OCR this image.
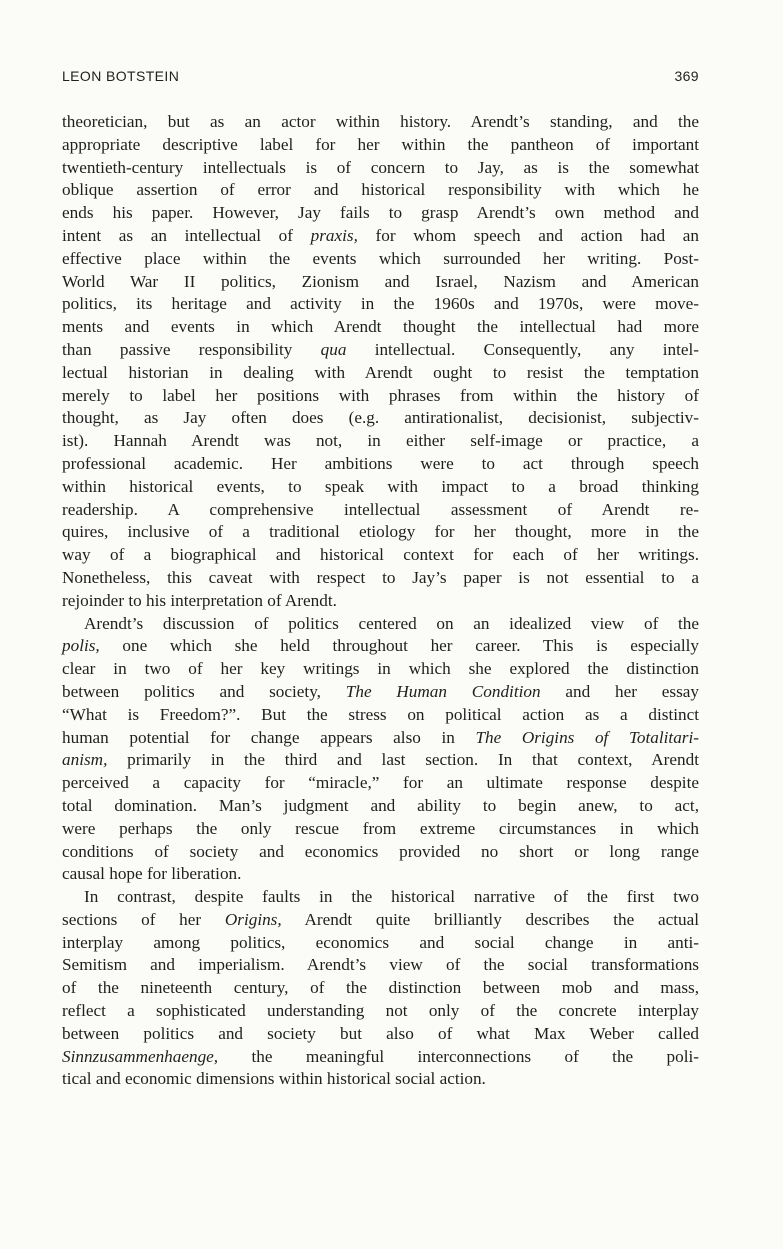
LEON BOTSTEIN	369
theoretician, but as an actor within history. Arendt’s standing, and the
appropriate descriptive label for her within the pantheon of important
twentieth-century intellectuals is of concern to Jay, as is the somewhat
oblique assertion of error and historical responsibility with which he
ends his paper. However, Jay fails to grasp Arendt’s own method and
intent as an intellectual of praxis, for whom speech and action had an
effective place within the events which surrounded her writing. Post-
World War II politics, Zionism and Israel, Nazism and American
politics, its heritage and activity in the 1960s and 1970s, were move-
ments and events in which Arendt thought the intellectual had more
than passive responsibility qua intellectual. Consequently, any intel-
lectual historian in dealing with Arendt ought to resist the temptation
merely to label her positions with phrases from within the history of
thought, as Jay often does (e.g. antirationalist, decisionist, subjectiv-
ist). Hannah Arendt was not, in either self-image or practice, a
professional academic. Her ambitions were to act through speech
within historical events, to speak with impact to a broad thinking
readership. A comprehensive intellectual assessment of Arendt re-
quires, inclusive of a traditional etiology for her thought, more in the
way of a biographical and historical context for each of her writings.
Nonetheless, this caveat with respect to Jay’s paper is not essential to a
rejoinder to his interpretation of Arendt.
Arendt’s discussion of politics centered on an idealized view of the
polis, one which she held throughout her career. This is especially
clear in two of her key writings in which she explored the distinction
between politics and society, The Human Condition and her essay
“What is Freedom?”. But the stress on political action as a distinct
human potential for change appears also in The Origins of Totalitari-
anism, primarily in the third and last section. In that context, Arendt
perceived a capacity for “miracle,” for an ultimate response despite
total domination. Man’s judgment and ability to begin anew, to act,
were perhaps the only rescue from extreme circumstances in which
conditions of society and economics provided no short or long range
causal hope for liberation.
In contrast, despite faults in the historical narrative of the first two
sections of her Origins, Arendt quite brilliantly describes the actual
interplay among politics, economics and social change in anti-
Semitism and imperialism. Arendt’s view of the social transformations
of the nineteenth century, of the distinction between mob and mass,
reflect a sophisticated understanding not only of the concrete interplay
between politics and society but also of what Max Weber called
Sinnzusammenhaenge, the meaningful interconnections of the poli-
tical and economic dimensions within historical social action.
